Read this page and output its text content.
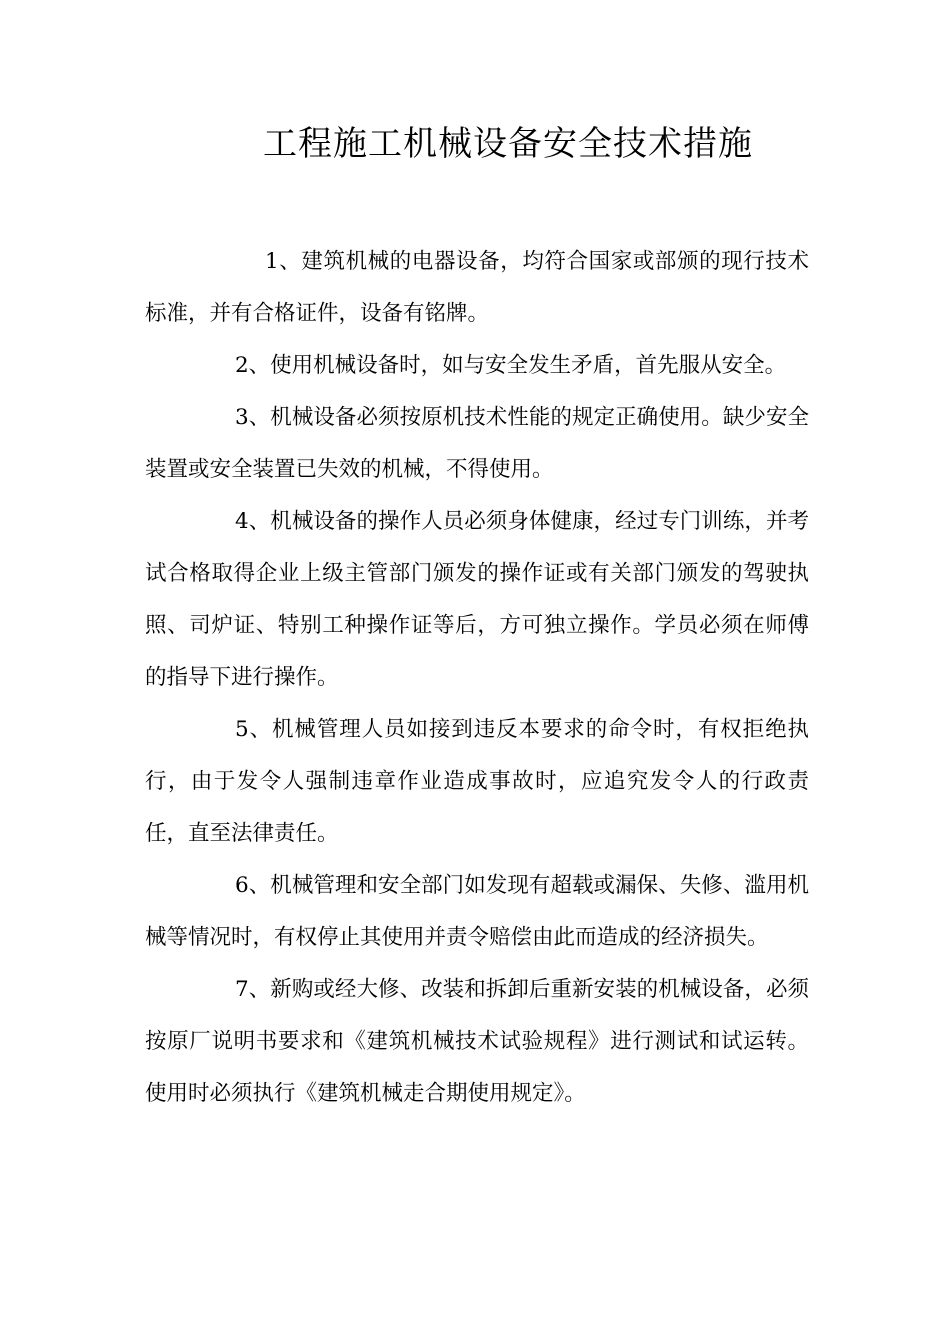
工程施工机械设备安全技术措施

1、建筑机械的电器设备，均符合国家或部颁的现行技术标准，并有合格证件，设备有铭牌。

2、使用机械设备时，如与安全发生矛盾，首先服从安全。

3、机械设备必须按原机技术性能的规定正确使用。缺少安全装置或安全装置已失效的机械，不得使用。

4、机械设备的操作人员必须身体健康，经过专门训练，并考试合格取得企业上级主管部门颁发的操作证或有关部门颁发的驾驶执照、司炉证、特别工种操作证等后，方可独立操作。学员必须在师傅的指导下进行操作。

5、机械管理人员如接到违反本要求的命令时，有权拒绝执行，由于发令人强制违章作业造成事故时，应追究发令人的行政责任，直至法律责任。

6、机械管理和安全部门如发现有超载或漏保、失修、滥用机械等情况时，有权停止其使用并责令赔偿由此而造成的经济损失。

7、新购或经大修、改装和拆卸后重新安装的机械设备，必须按原厂说明书要求和《建筑机械技术试验规程》进行测试和试运转。使用时必须执行《建筑机械走合期使用规定》。
